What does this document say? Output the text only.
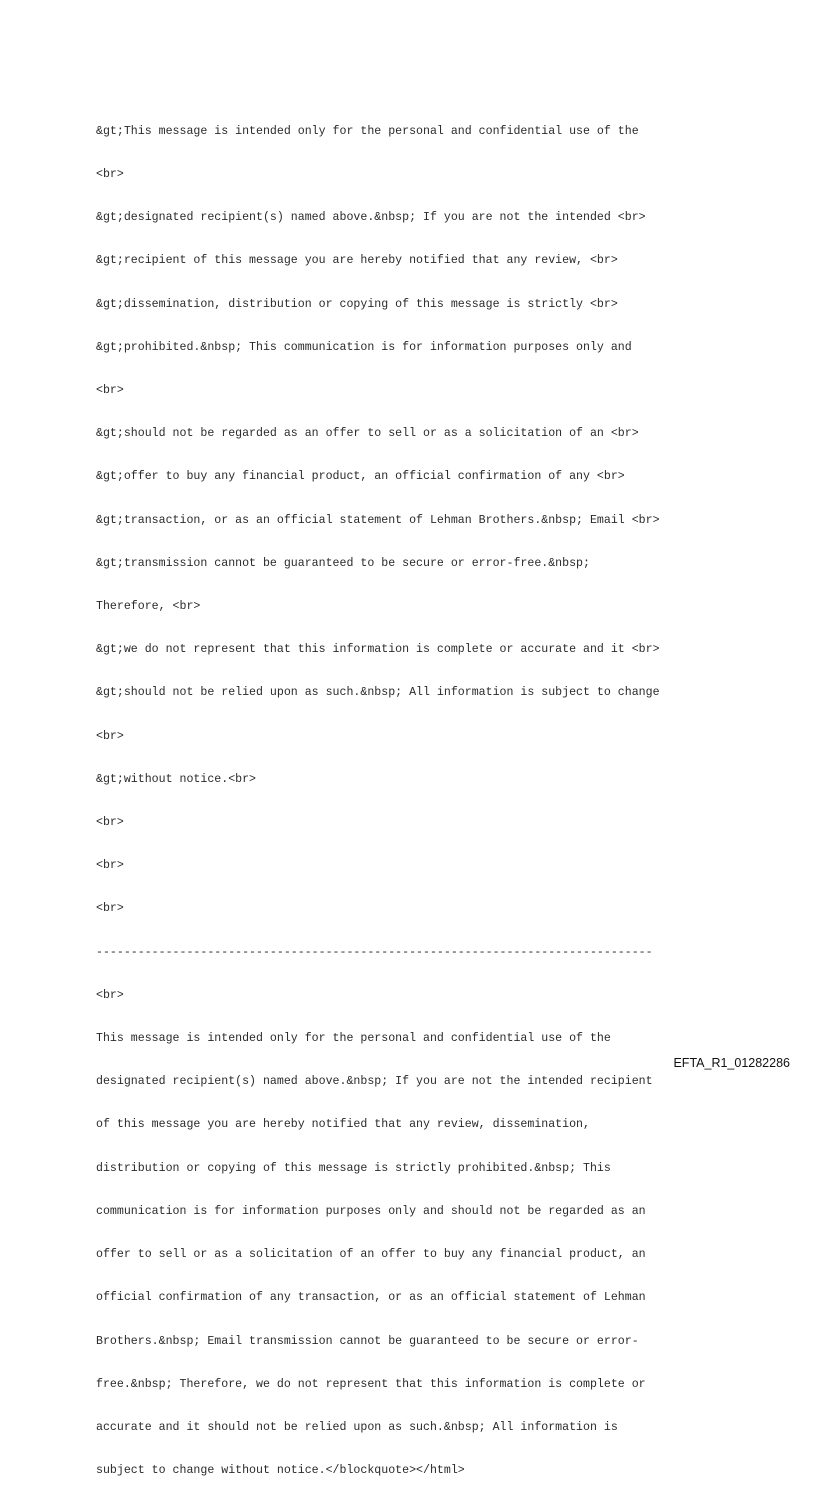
&gt;This message is intended only for the personal and confidential use of the

<br>

&gt;designated recipient(s) named above.&nbsp; If you are not the intended <br>

&gt;recipient of this message you are hereby notified that any review, <br>

&gt;dissemination, distribution or copying of this message is strictly <br>

&gt;prohibited.&nbsp; This communication is for information purposes only and

<br>

&gt;should not be regarded as an offer to sell or as a solicitation of an <br>

&gt;offer to buy any financial product, an official confirmation of any <br>

&gt;transaction, or as an official statement of Lehman Brothers.&nbsp; Email <br>

&gt;transmission cannot be guaranteed to be secure or error-free.&nbsp;

Therefore, <br>

&gt;we do not represent that this information is complete or accurate and it <br>

&gt;should not be relied upon as such.&nbsp; All information is subject to change

<br>

&gt;without notice.<br>

<br>

<br>

<br>

--------------------------------------------------------------------------------

<br>

This message is intended only for the personal and confidential use of the

designated recipient(s) named above.&nbsp; If you are not the intended recipient

of this message you are hereby notified that any review, dissemination,

distribution or copying of this message is strictly prohibited.&nbsp; This

communication is for information purposes only and should not be regarded as an

offer to sell or as a solicitation of an offer to buy any financial product, an

official confirmation of any transaction, or as an official statement of Lehman

Brothers.&nbsp; Email transmission cannot be guaranteed to be secure or error-

free.&nbsp; Therefore, we do not represent that this information is complete or

accurate and it should not be relied upon as such.&nbsp; All information is

subject to change without notice.</blockquote></html>

EFTA_R1_01282286
